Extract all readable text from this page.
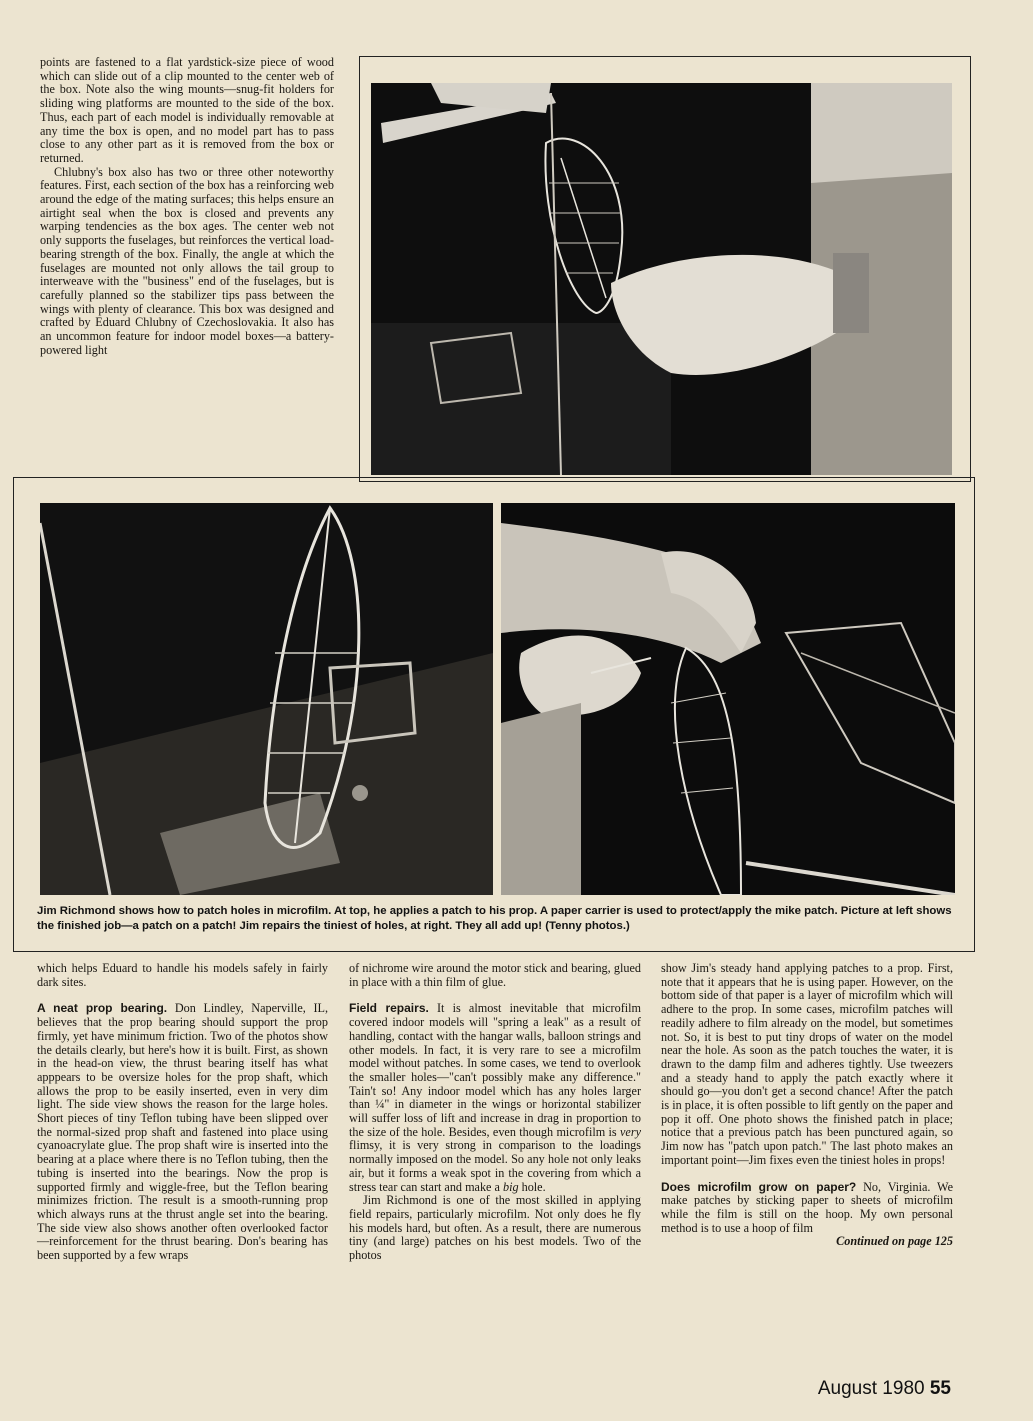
points are fastened to a flat yardstick-size piece of wood which can slide out of a clip mounted to the center web of the box. Note also the wing mounts—snug-fit holders for sliding wing platforms are mounted to the side of the box. Thus, each part of each model is individually removable at any time the box is open, and no model part has to pass close to any other part as it is removed from the box or returned.

Chlubny's box also has two or three other noteworthy features. First, each section of the box has a reinforcing web around the edge of the mating surfaces; this helps ensure an airtight seal when the box is closed and prevents any warping tendencies as the box ages. The center web not only supports the fuselages, but reinforces the vertical load-bearing strength of the box. Finally, the angle at which the fuselages are mounted not only allows the tail group to interweave with the "business" end of the fuselages, but is carefully planned so the stabilizer tips pass between the wings with plenty of clearance. This box was designed and crafted by Eduard Chlubny of Czechoslovakia. It also has an uncommon feature for indoor model boxes—a battery-powered light

Jim Richmond shows how to patch holes in microfilm. At top, he applies a patch to his prop. A paper carrier is used to protect/apply the mike patch. Picture at left shows the finished job—a patch on a patch! Jim repairs the tiniest of holes, at right. They all add up! (Tenny photos.)

which helps Eduard to handle his models safely in fairly dark sites.

A neat prop bearing. Don Lindley, Naperville, IL, believes that the prop bearing should support the prop firmly, yet have minimum friction. Two of the photos show the details clearly, but here's how it is built. First, as shown in the head-on view, the thrust bearing itself has what apppears to be oversize holes for the prop shaft, which allows the prop to be easily inserted, even in very dim light. The side view shows the reason for the large holes. Short pieces of tiny Teflon tubing have been slipped over the normal-sized prop shaft and fastened into place using cyanoacrylate glue. The prop shaft wire is inserted into the bearing at a place where there is no Teflon tubing, then the tubing is inserted into the bearings. Now the prop is supported firmly and wiggle-free, but the Teflon bearing minimizes friction. The result is a smooth-running prop which always runs at the thrust angle set into the bearing. The side view also shows another often overlooked factor—reinforcement for the thrust bearing. Don's bearing has been supported by a few wraps

of nichrome wire around the motor stick and bearing, glued in place with a thin film of glue.

Field repairs. It is almost inevitable that microfilm covered indoor models will "spring a leak" as a result of handling, contact with the hangar walls, balloon strings and other models. In fact, it is very rare to see a microfilm model without patches. In some cases, we tend to overlook the smaller holes—"can't possibly make any difference." Tain't so! Any indoor model which has any holes larger than ¼" in diameter in the wings or horizontal stabilizer will suffer loss of lift and increase in drag in proportion to the size of the hole. Besides, even though microfilm is very flimsy, it is very strong in comparison to the loadings normally imposed on the model. So any hole not only leaks air, but it forms a weak spot in the covering from which a stress tear can start and make a big hole.

Jim Richmond is one of the most skilled in applying field repairs, particularly microfilm. Not only does he fly his models hard, but often. As a result, there are numerous tiny (and large) patches on his best models. Two of the photos

show Jim's steady hand applying patches to a prop. First, note that it appears that he is using paper. However, on the bottom side of that paper is a layer of microfilm which will adhere to the prop. In some cases, microfilm patches will readily adhere to film already on the model, but sometimes not. So, it is best to put tiny drops of water on the model near the hole. As soon as the patch touches the water, it is drawn to the damp film and adheres tightly. Use tweezers and a steady hand to apply the patch exactly where it should go—you don't get a second chance! After the patch is in place, it is often possible to lift gently on the paper and pop it off. One photo shows the finished patch in place; notice that a previous patch has been punctured again, so Jim now has "patch upon patch." The last photo makes an important point—Jim fixes even the tiniest holes in props!

Does microfilm grow on paper? No, Virginia. We make patches by sticking paper to sheets of microfilm while the film is still on the hoop. My own personal method is to use a hoop of film

Continued on page 125

August 1980 55
